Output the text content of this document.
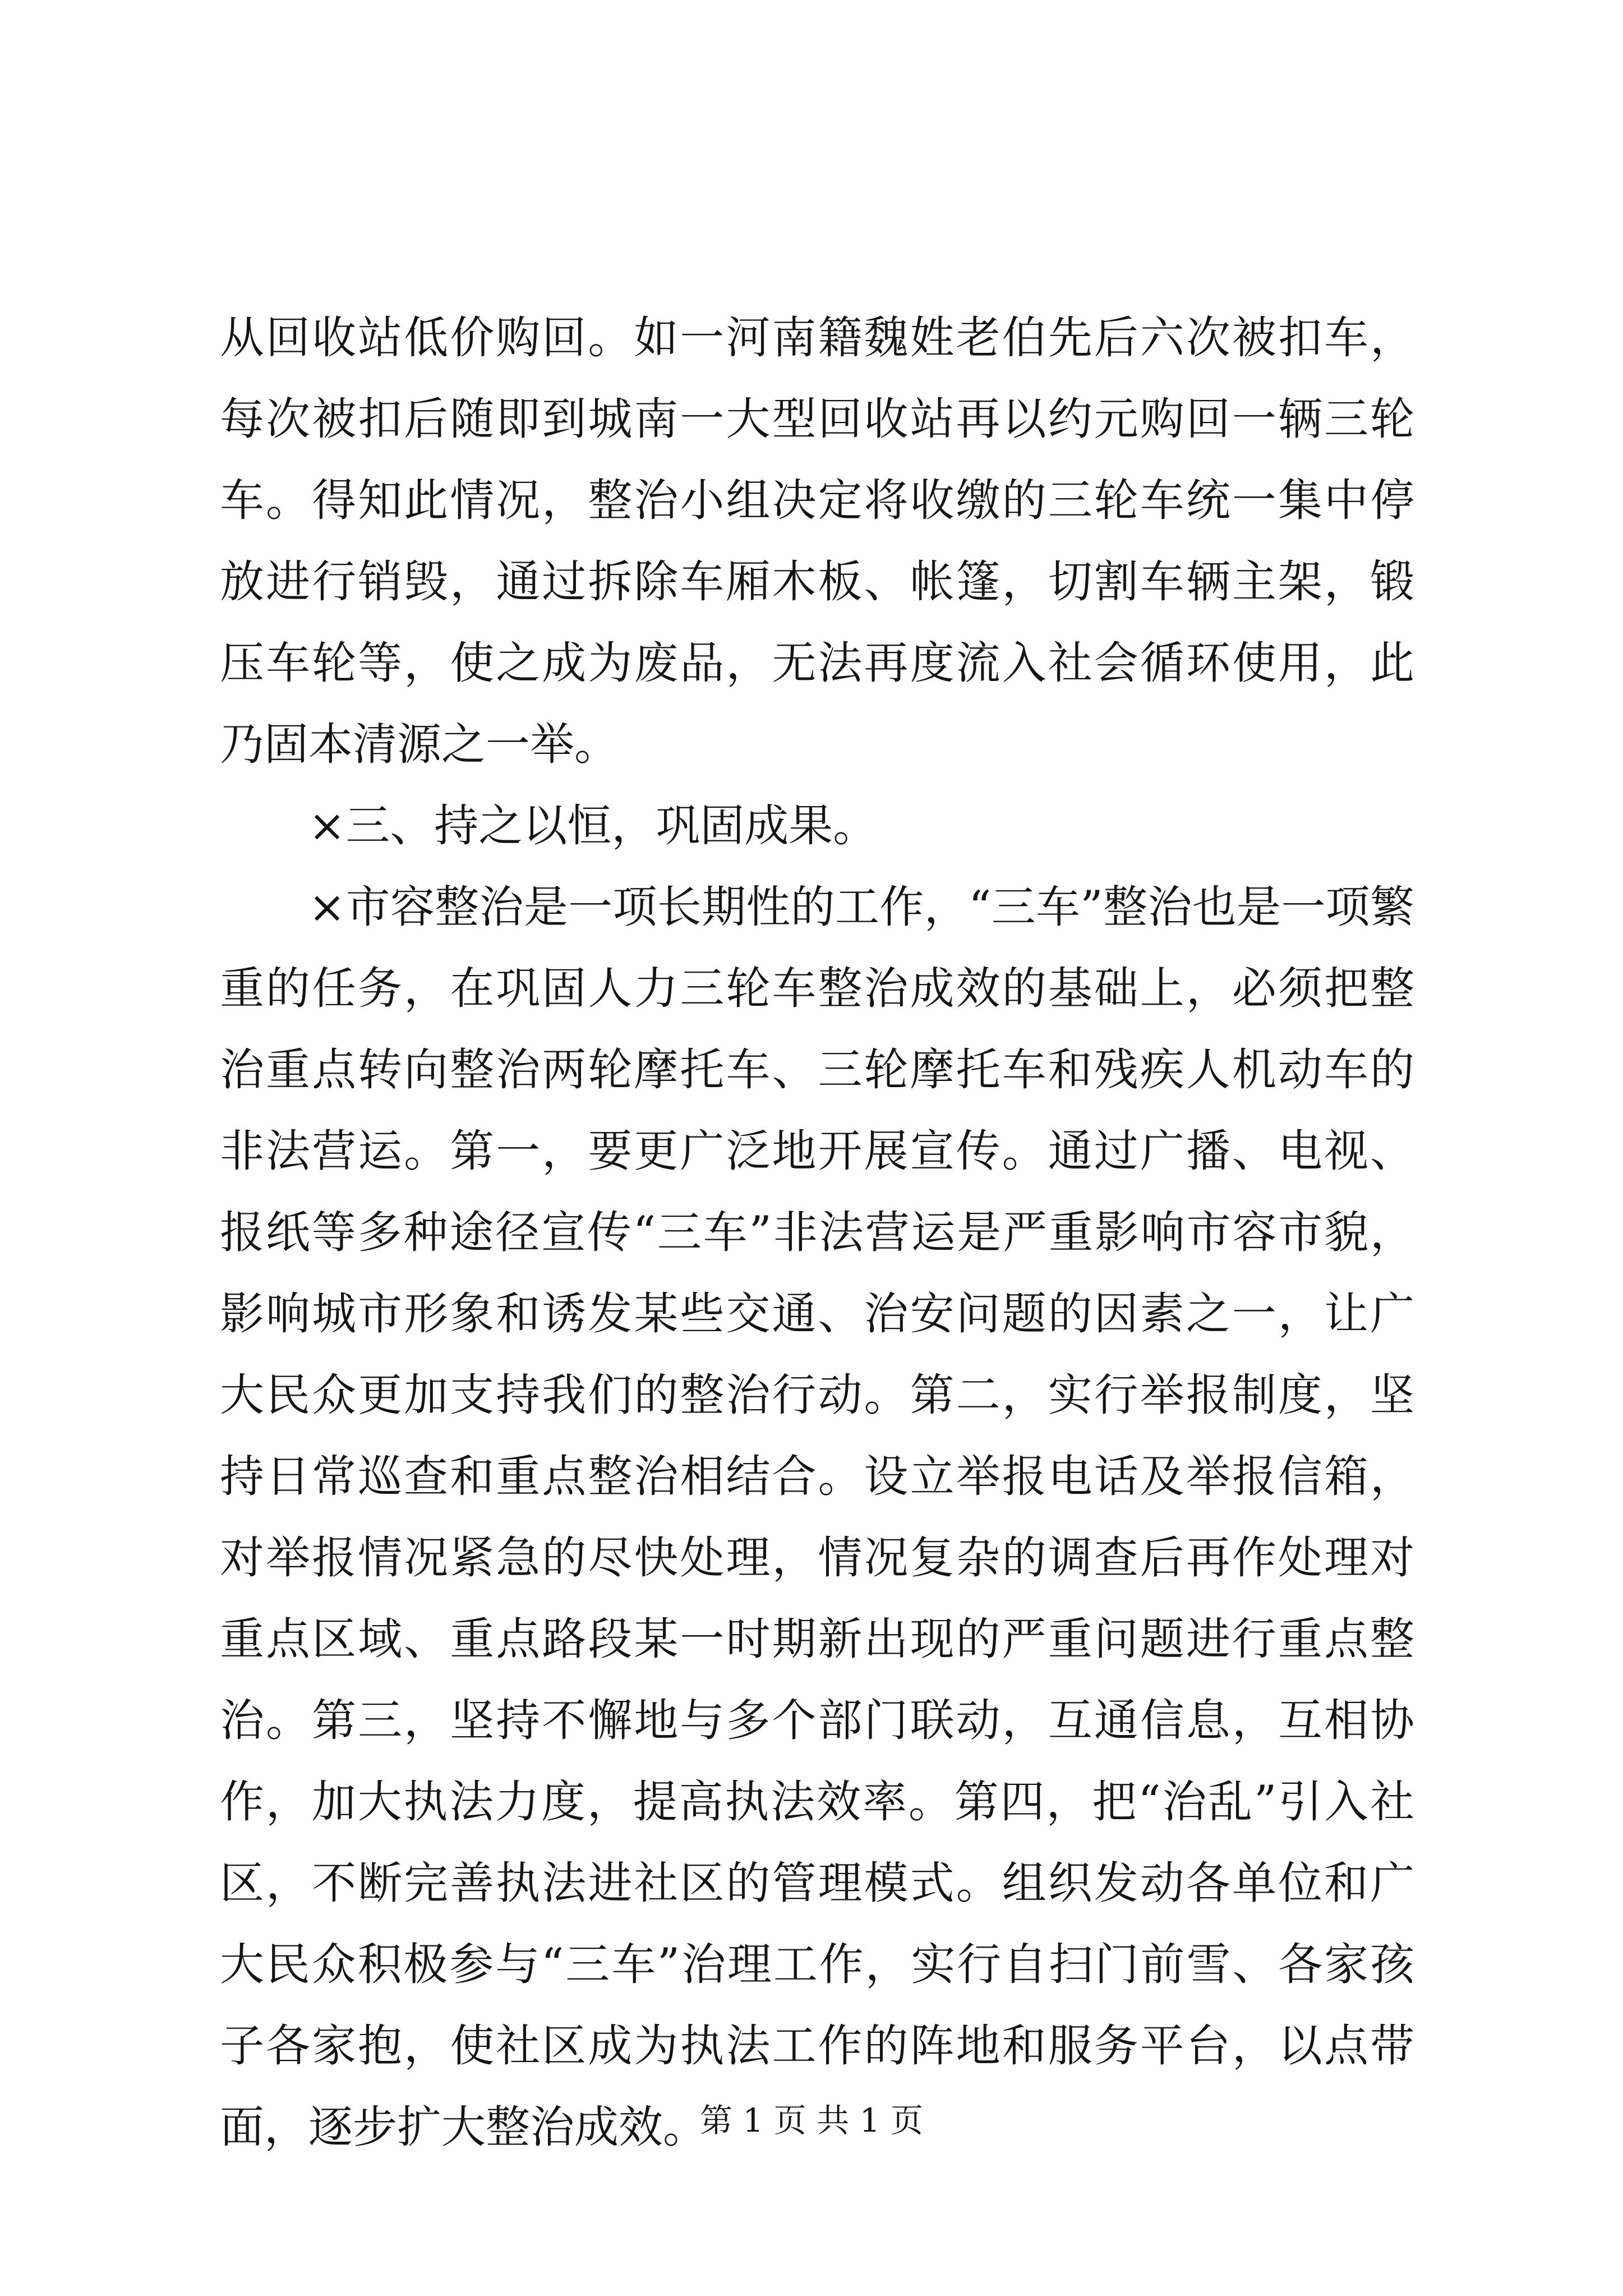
从回收站低价购回。如一河南籍魏姓老伯先后六次被扣车，每次被扣后随即到城南一大型回收站再以约元购回一辆三轮车。得知此情况，整治小组决定将收缴的三轮车统一集中停放进行销毁，通过拆除车厢木板、帐篷，切割车辆主架，锻压车轮等，使之成为废品，无法再度流入社会循环使用，此乃固本清源之一举。

×三、持之以恒，巩固成果。

×市容整治是一项长期性的工作，“三车”整治也是一项繁重的任务，在巩固人力三轮车整治成效的基础上，必须把整治重点转向整治两轮摩托车、三轮摩托车和残疾人机动车的非法营运。第一，要更广泛地开展宣传。通过广播、电视、报纸等多种途径宣传“三车”非法营运是严重影响市容市貌，影响城市形象和诱发某些交通、治安问题的因素之一，让广大民众更加支持我们的整治行动。第二，实行举报制度，坚持日常巡查和重点整治相结合。设立举报电话及举报信箱，对举报情况紧急的尽快处理，情况复杂的调查后再作处理对重点区域、重点路段某一时期新出现的严重问题进行重点整治。第三，坚持不懈地与多个部门联动，互通信息，互相协作，加大执法力度，提高执法效率。第四，把“治乱”引入社区，不断完善执法进社区的管理模式。组织发动各单位和广大民众积极参与“三车”治理工作，实行自扫门前雪、各家孩子各家抱，使社区成为执法工作的阵地和服务平台，以点带面，逐步扩大整治成效。

第 1 页 共 1 页
